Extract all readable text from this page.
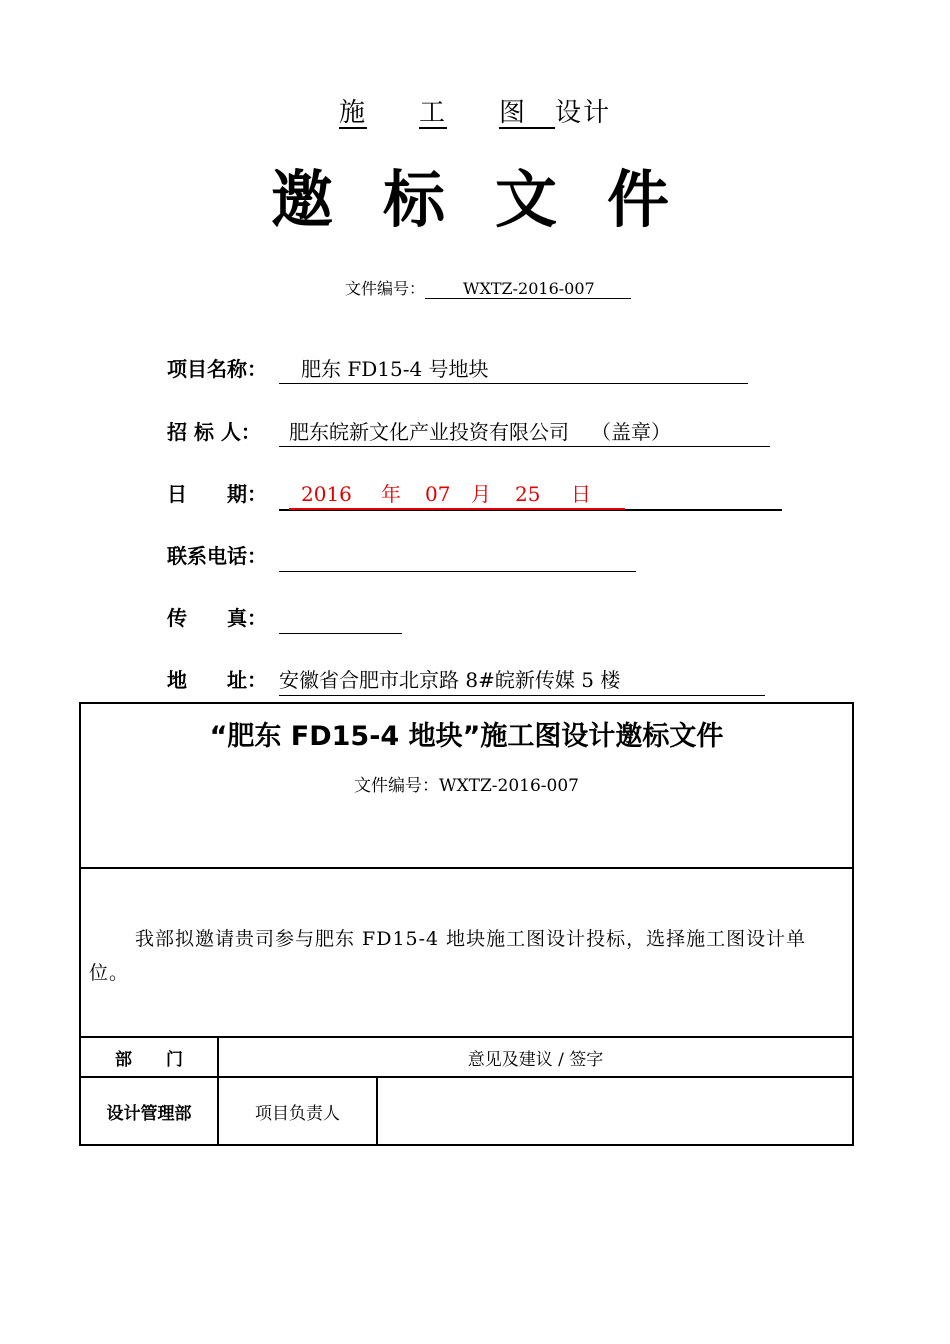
施 工 图　 设计
邀标文件
文件编号： WXTZ-2016-007
项目名称：	肥东 FD15-4 号地块
招 标 人：	肥东皖新文化产业投资有限公司 （盖章）
日　　期： 2016 年 07 月 25 日
联系电话：
传　　真：
地　　址： 安徽省合肥市北京路 8#皖新传媒 5 楼
“肥东 FD15-4 地块”施工图设计邀标文件
文件编号：WXTZ-2016-007		

我部拟邀请贵司参与肥东 FD15-4 地块施工图设计投标，选择施工图设计单位。		

部　　门	意见及建议 / 签字	
设计管理部	项目负责人	
